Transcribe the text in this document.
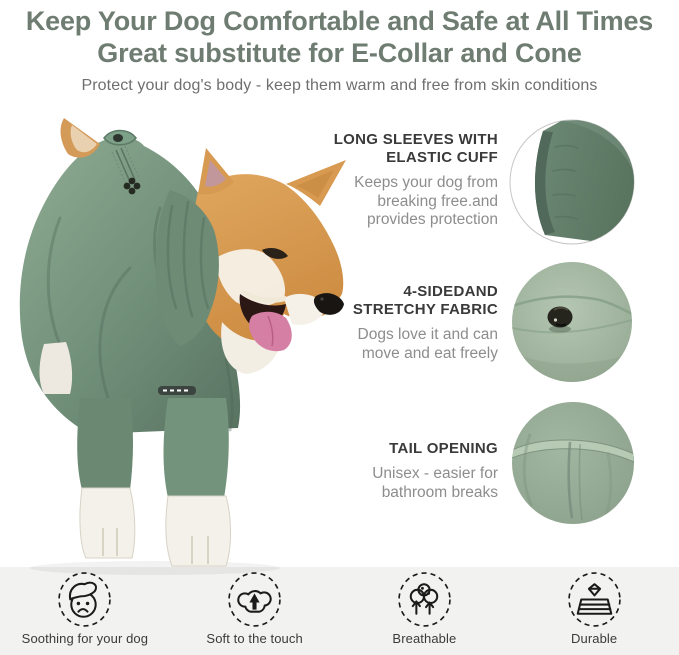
Keep Your Dog Comfortable and Safe at All Times
Great substitute for E-Collar and Cone
Protect your dog's body - keep them warm and free from skin conditions
LONG SLEEVES WITH ELASTIC CUFF
Keeps your dog from breaking free.and provides protection
4-SIDEDAND STRETCHY FABRIC
Dogs love it and can move and eat freely
TAIL OPENING
Unisex - easier for bathroom breaks
Soothing for your dog	Soft to the touch	Breathable	Durable
